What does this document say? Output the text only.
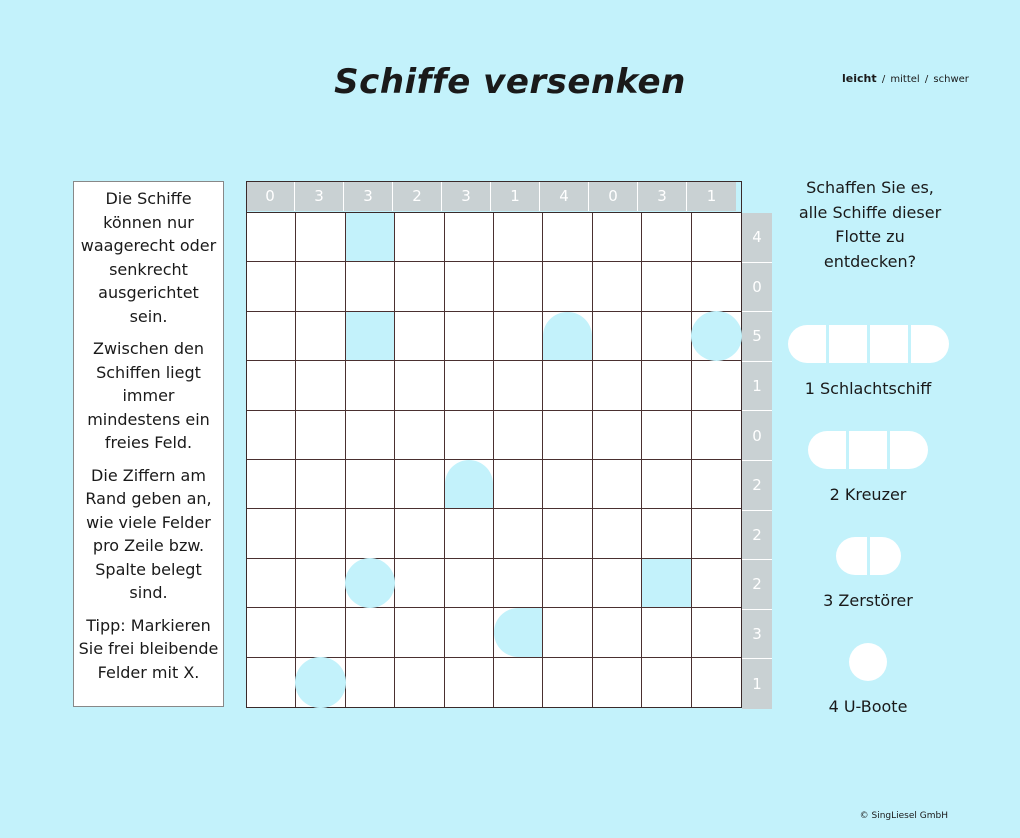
Schiffe versenken	leicht / mittel / schwer

Die Schiffe können nur waagerecht oder senkrecht ausgerichtet sein.

Zwischen den Schiffen liegt immer mindestens ein freies Feld.

Die Ziffern am Rand geben an, wie viele Felder pro Zeile bzw. Spalte belegt sind.

Tipp: Markieren Sie frei bleibende Felder mit X.

0	3	3	2	3	1	4	0	3	1
4
0
5
1
0
2
2
2
3
1
Schaffen Sie es, alle Schiffe dieser Flotte zu entdecken?
1 Schlachtschiff
2 Kreuzer
3 Zerstörer
4 U-Boote
© SingLiesel GmbH
